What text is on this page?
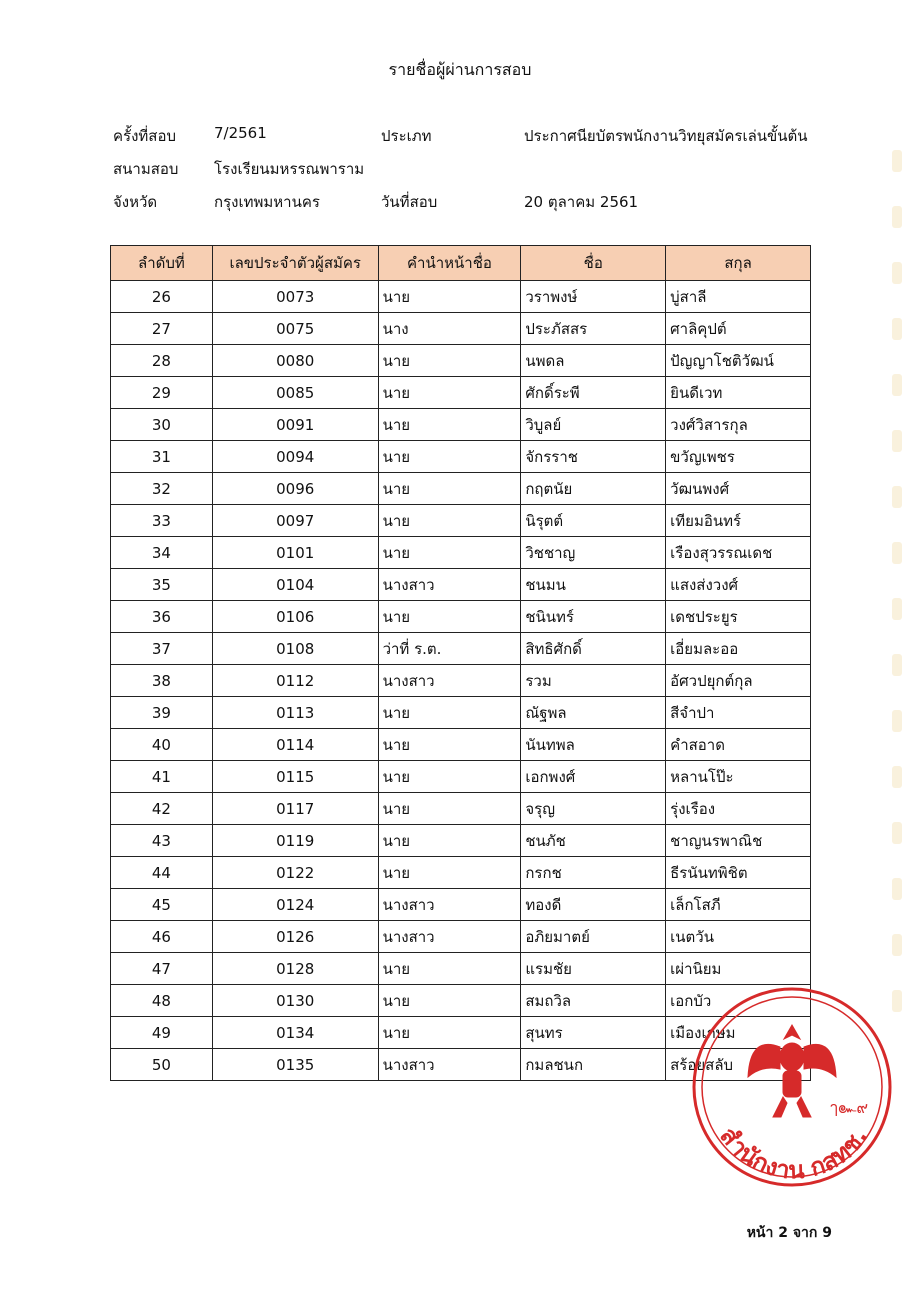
รายชื่อผู้ผ่านการสอบ
ครั้งที่สอบ	7/2561	ประเภท	ประกาศนียบัตรพนักงานวิทยุสมัครเล่นขั้นต้น
สนามสอบ โรงเรียนมหรรณพาราม
จังหวัด	กรุงเทพมหานคร	วันที่สอบ	20 ตุลาคม 2561
ลำดับที่	เลขประจำตัวผู้สมัคร	คำนำหน้าชื่อ	ชื่อ	สกุล
26	0073	นาย	วราพงษ์	บู่สาลี
27	0075	นาง	ประภัสสร	ศาลิคุปต์
28	0080	นาย	นพดล	ปัญญาโชติวัฒน์
29	0085	นาย	ศักดิ์ระพี	ยินดีเวท
30	0091	นาย	วิบูลย์	วงศ์วิสารกุล
31	0094	นาย	จักรราช	ขวัญเพชร
32	0096	นาย	กฤตนัย	วัฒนพงศ์
33	0097	นาย	นิรุตต์	เทียมอินทร์
34	0101	นาย	วิชชาญ	เรืองสุวรรณเดช
35	0104	นางสาว	ชนมน	แสงส่งวงศ์
36	0106	นาย	ชนินทร์	เดชประยูร
37	0108	ว่าที่ ร.ต.	สิทธิศักดิ์	เอี่ยมละออ
38	0112	นางสาว	รวม	อัศวปยุกต์กุล
39	0113	นาย	ณัฐพล	สีจำปา
40	0114	นาย	นันทพล	คำสอาด
41	0115	นาย	เอกพงศ์	หลานโป๊ะ
42	0117	นาย	จรุญ	รุ่งเรือง
43	0119	นาย	ชนภัช	ชาญนรพาณิช
44	0122	นาย	กรกช	ธีรนันทพิชิต
45	0124	นางสาว	ทองดี	เล็กโสภี
46	0126	นางสาว	อภิยมาตย์	เนตวัน
47	0128	นาย	แรมชัย	เผ่านิยม
48	0130	นาย	สมถวิล	เอกบัว
49	0134	นาย	สุนทร	เมืองเกษม
50	0135	นางสาว	กมลชนก	สร้อยสลับ
ๅ๛๙
สำนักงาน กสทช.
หน้า 2 จาก 9
